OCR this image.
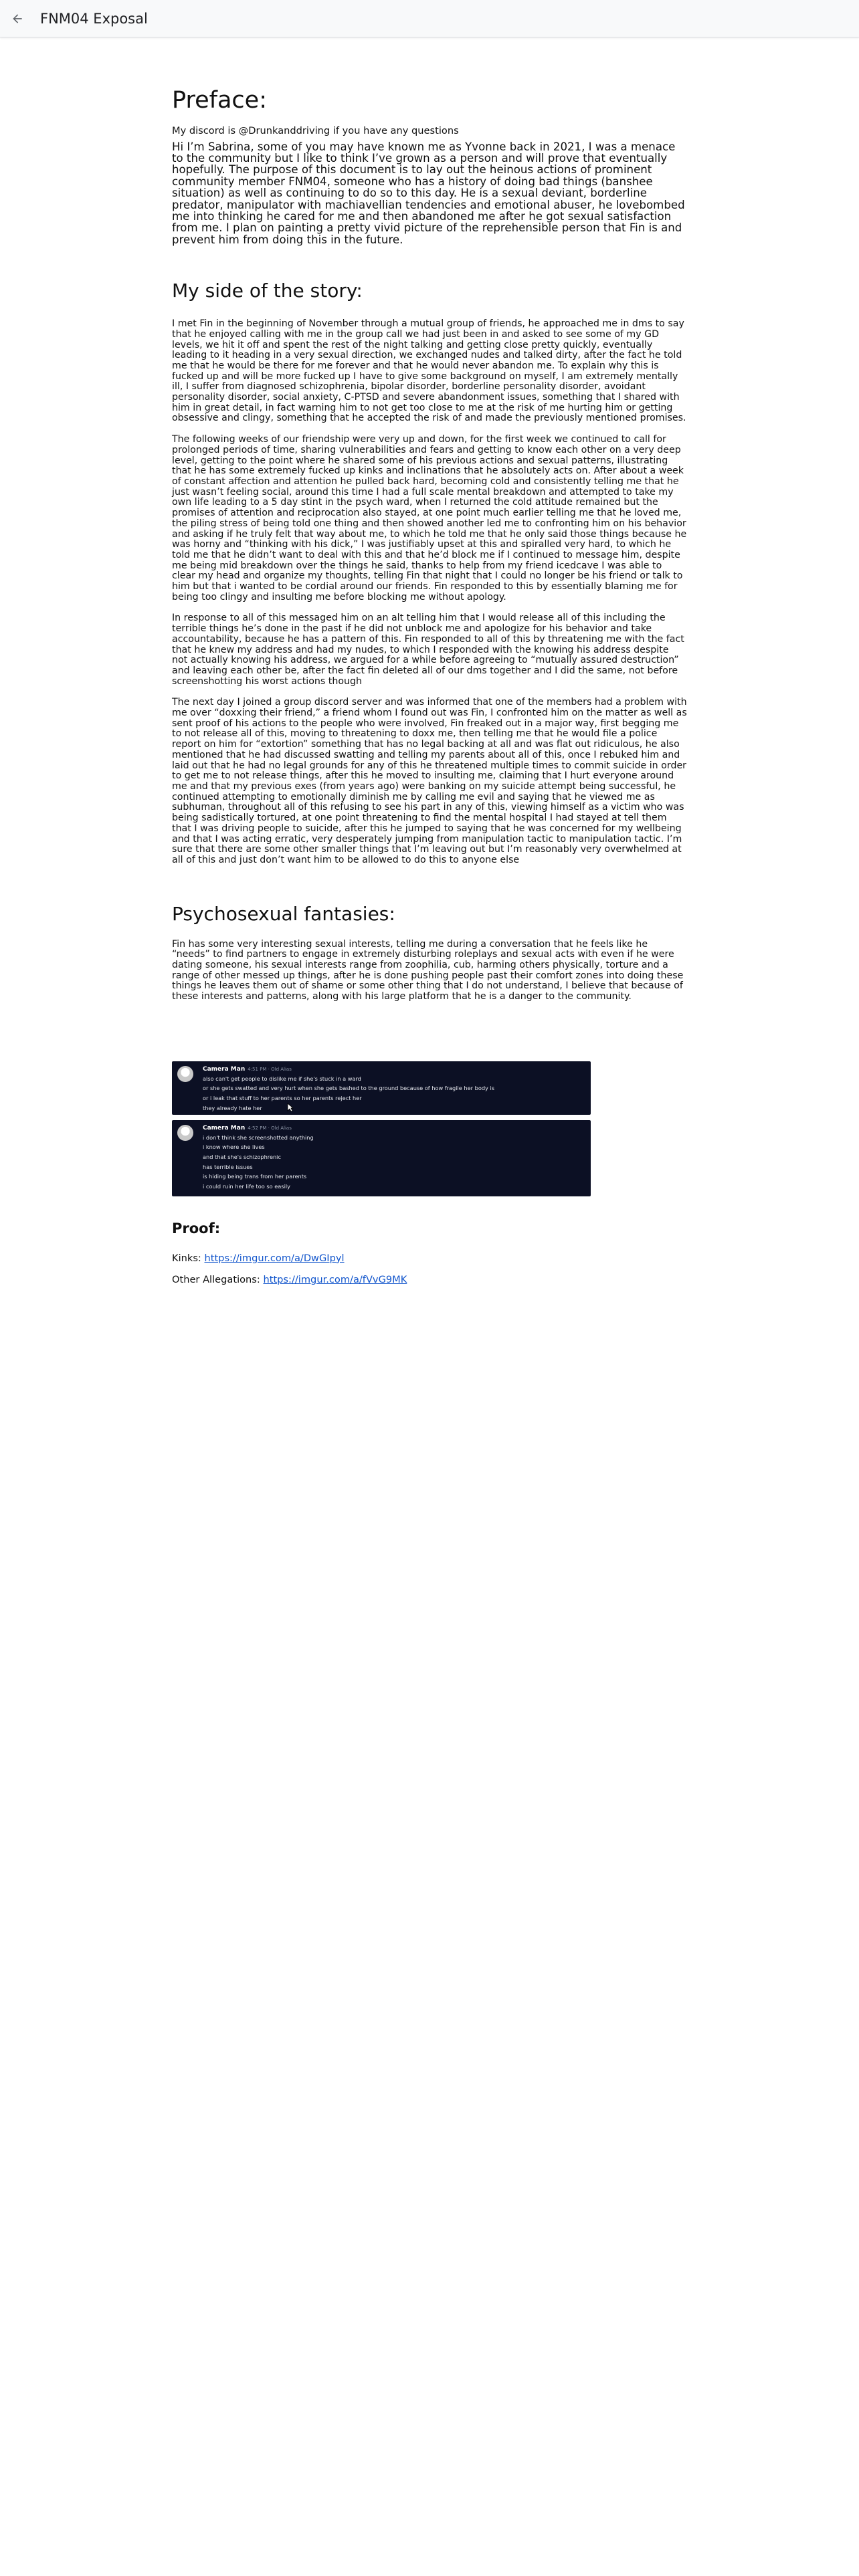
FNM04 Exposal
Preface:

My discord is @Drunkanddriving if you have any questions

Hi I’m Sabrina, some of you may have known me as Yvonne back in 2021, I was a menace to the community but I like to think I’ve grown as a person and will prove that eventually hopefully. The purpose of this document is to lay out the heinous actions of prominent community member FNM04, someone who has a history of doing bad things (banshee situation) as well as continuing to do so to this day. He is a sexual deviant, borderline predator, manipulator with machiavellian tendencies and emotional abuser, he lovebombed me into thinking he cared for me and then abandoned me after he got sexual satisfaction from me. I plan on painting a pretty vivid picture of the reprehensible person that Fin is and prevent him from doing this in the future.

My side of the story:

I met Fin in the beginning of November through a mutual group of friends, he approached me in dms to say that he enjoyed calling with me in the group call we had just been in and asked to see some of my GD levels, we hit it off and spent the rest of the night talking and getting close pretty quickly, eventually leading to it heading in a very sexual direction, we exchanged nudes and talked dirty, after the fact he told me that he would be there for me forever and that he would never abandon me. To explain why this is fucked up and will be more fucked up I have to give some background on myself, I am extremely mentally ill, I suffer from diagnosed schizophrenia, bipolar disorder, borderline personality disorder, avoidant personality disorder, social anxiety, C-PTSD and severe abandonment issues, something that I shared with him in great detail, in fact warning him to not get too close to me at the risk of me hurting him or getting obsessive and clingy, something that he accepted the risk of and made the previously mentioned promises.

The following weeks of our friendship were very up and down, for the first week we continued to call for prolonged periods of time, sharing vulnerabilities and fears and getting to know each other on a very deep level, getting to the point where he shared some of his previous actions and sexual patterns, illustrating that he has some extremely fucked up kinks and inclinations that he absolutely acts on. After about a week of constant affection and attention he pulled back hard, becoming cold and consistently telling me that he just wasn’t feeling social, around this time I had a full scale mental breakdown and attempted to take my own life leading to a 5 day stint in the psych ward, when I returned the cold attitude remained but the promises of attention and reciprocation also stayed, at one point much earlier telling me that he loved me, the piling stress of being told one thing and then showed another led me to confronting him on his behavior and asking if he truly felt that way about me, to which he told me that he only said those things because he was horny and “thinking with his dick,” I was justifiably upset at this and spiralled very hard, to which he told me that he didn’t want to deal with this and that he’d block me if I continued to message him, despite me being mid breakdown over the things he said, thanks to help from my friend icedcave I was able to clear my head and organize my thoughts, telling Fin that night that I could no longer be his friend or talk to him but that i wanted to be cordial around our friends. Fin responded to this by essentially blaming me for being too clingy and insulting me before blocking me without apology.

In response to all of this messaged him on an alt telling him that I would release all of this including the terrible things he’s done in the past if he did not unblock me and apologize for his behavior and take accountability, because he has a pattern of this. Fin responded to all of this by threatening me with the fact that he knew my address and had my nudes, to which I responded with the knowing his address despite not actually knowing his address, we argued for a while before agreeing to “mutually assured destruction” and leaving each other be, after the fact fin deleted all of our dms together and I did the same, not before screenshotting his worst actions though

The next day I joined a group discord server and was informed that one of the members had a problem with me over “doxxing their friend,” a friend whom I found out was Fin, I confronted him on the matter as well as sent proof of his actions to the people who were involved, Fin freaked out in a major way, first begging me to not release all of this, moving to threatening to doxx me, then telling me that he would file a police report on him for “extortion” something that has no legal backing at all and was flat out ridiculous, he also mentioned that he had discussed swatting and telling my parents about all of this, once I rebuked him and laid out that he had no legal grounds for any of this he threatened multiple times to commit suicide in order to get me to not release things, after this he moved to insulting me, claiming that I hurt everyone around me and that my previous exes (from years ago) were banking on my suicide attempt being successful, he continued attempting to emotionally diminish me by calling me evil and saying that he viewed me as subhuman, throughout all of this refusing to see his part in any of this, viewing himself as a victim who was being sadistically tortured, at one point threatening to find the mental hospital I had stayed at tell them that I was driving people to suicide, after this he jumped to saying that he was concerned for my wellbeing and that I was acting erratic, very desperately jumping from manipulation tactic to manipulation tactic. I’m sure that there are some other smaller things that I’m leaving out but I’m reasonably very overwhelmed at all of this and just don’t want him to be allowed to do this to anyone else

Psychosexual fantasies:

Fin has some very interesting sexual interests, telling me during a conversation that he feels like he “needs” to find partners to engage in extremely disturbing roleplays and sexual acts with even if he were dating someone, his sexual interests range from zoophilia, cub, harming others physically, torture and a range of other messed up things, after he is done pushing people past their comfort zones into doing these things he leaves them out of shame or some other thing that I do not understand, I believe that because of these interests and patterns, along with his large platform that he is a danger to the community.

Camera Man 4:51 PM · Old Alias
also can't get people to dislike me if she's stuck in a ward
or she gets swatted and very hurt when she gets bashed to the ground because of how fragile her body is
or i leak that stuff to her parents so her parents reject her
they already hate her
Camera Man 4:52 PM · Old Alias
i don't think she screenshotted anything
i know where she lives
and that she's schizophrenic
has terrible issues
is hiding being trans from her parents
i could ruin her life too so easily
Proof:

Kinks: https://imgur.com/a/DwGIpyl

Other Allegations: https://imgur.com/a/fVvG9MK
